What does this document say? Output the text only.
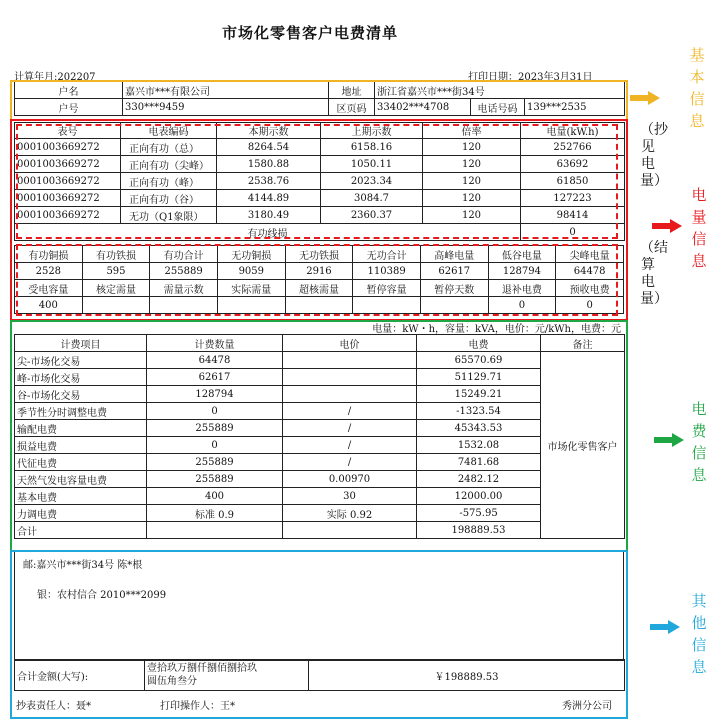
市场化零售客户电费清单
计算年月:202207	打印日期：2023年3月31日
户名	嘉兴市***有限公司	地址	浙江省嘉兴市***街34号		
户号	330***9459	区页码	33402***4708	电话号码	139***2535
表号	电表编码	本期示数	上期示数	倍率	电量(kW.h)
0001003669272	正向有功（总）	8264.54	6158.16	120	252766
0001003669272	正向有功（尖峰）	1580.88	1050.11	120	63692
0001003669272	正向有功（峰）	2538.76	2023.34	120	61850
0001003669272	正向有功（谷）	4144.89	3084.7	120	127223
0001003669272	无功（Q1象限）	3180.49	2360.37	120	98414
有功线损					0
有功铜损	有功铁损	有功合计	无功铜损	无功铁损	无功合计	高峰电量	低谷电量	尖峰电量
2528	595	255889	9059	2916	110389	62617	128794	64478
受电容量	核定需量	需量示数	实际需量	超核需量	暂停容量	暂停天数	退补电费	预收电费
400							0	0
电量：kW・h，容量：kVA，电价：元/kWh，电费：元
计费项目	计费数量	电价	电费	备注
尖-市场化交易	64478		65570.69	市场化零售客户
峰-市场化交易	62617		51129.71	
谷-市场化交易	128794		15249.21	
季节性分时调整电费	0	/	-1323.54	
输配电费	255889	/	45343.53	
损益电费	0	/	1532.08	
代征电费	255889	/	7481.68	
天然气发电容量电费	255889	0.00970	2482.12	
基本电费	400	30	12000.00	
力调电费	标准 0.9	实际 0.92	-575.95	
合计			198889.53	
邮:嘉兴市***街34号 陈*根
银：农村信合 2010***2099
合计金额(大写):	
壹拾玖万捌仟捌佰捌拾玖
圆伍角叁分	￥198889.53
抄表责任人：聂*	打印操作人：王*	秀洲分公司
基本信息
（抄见电量）
电量信息
（结算电量）
电费信息
其他信息
